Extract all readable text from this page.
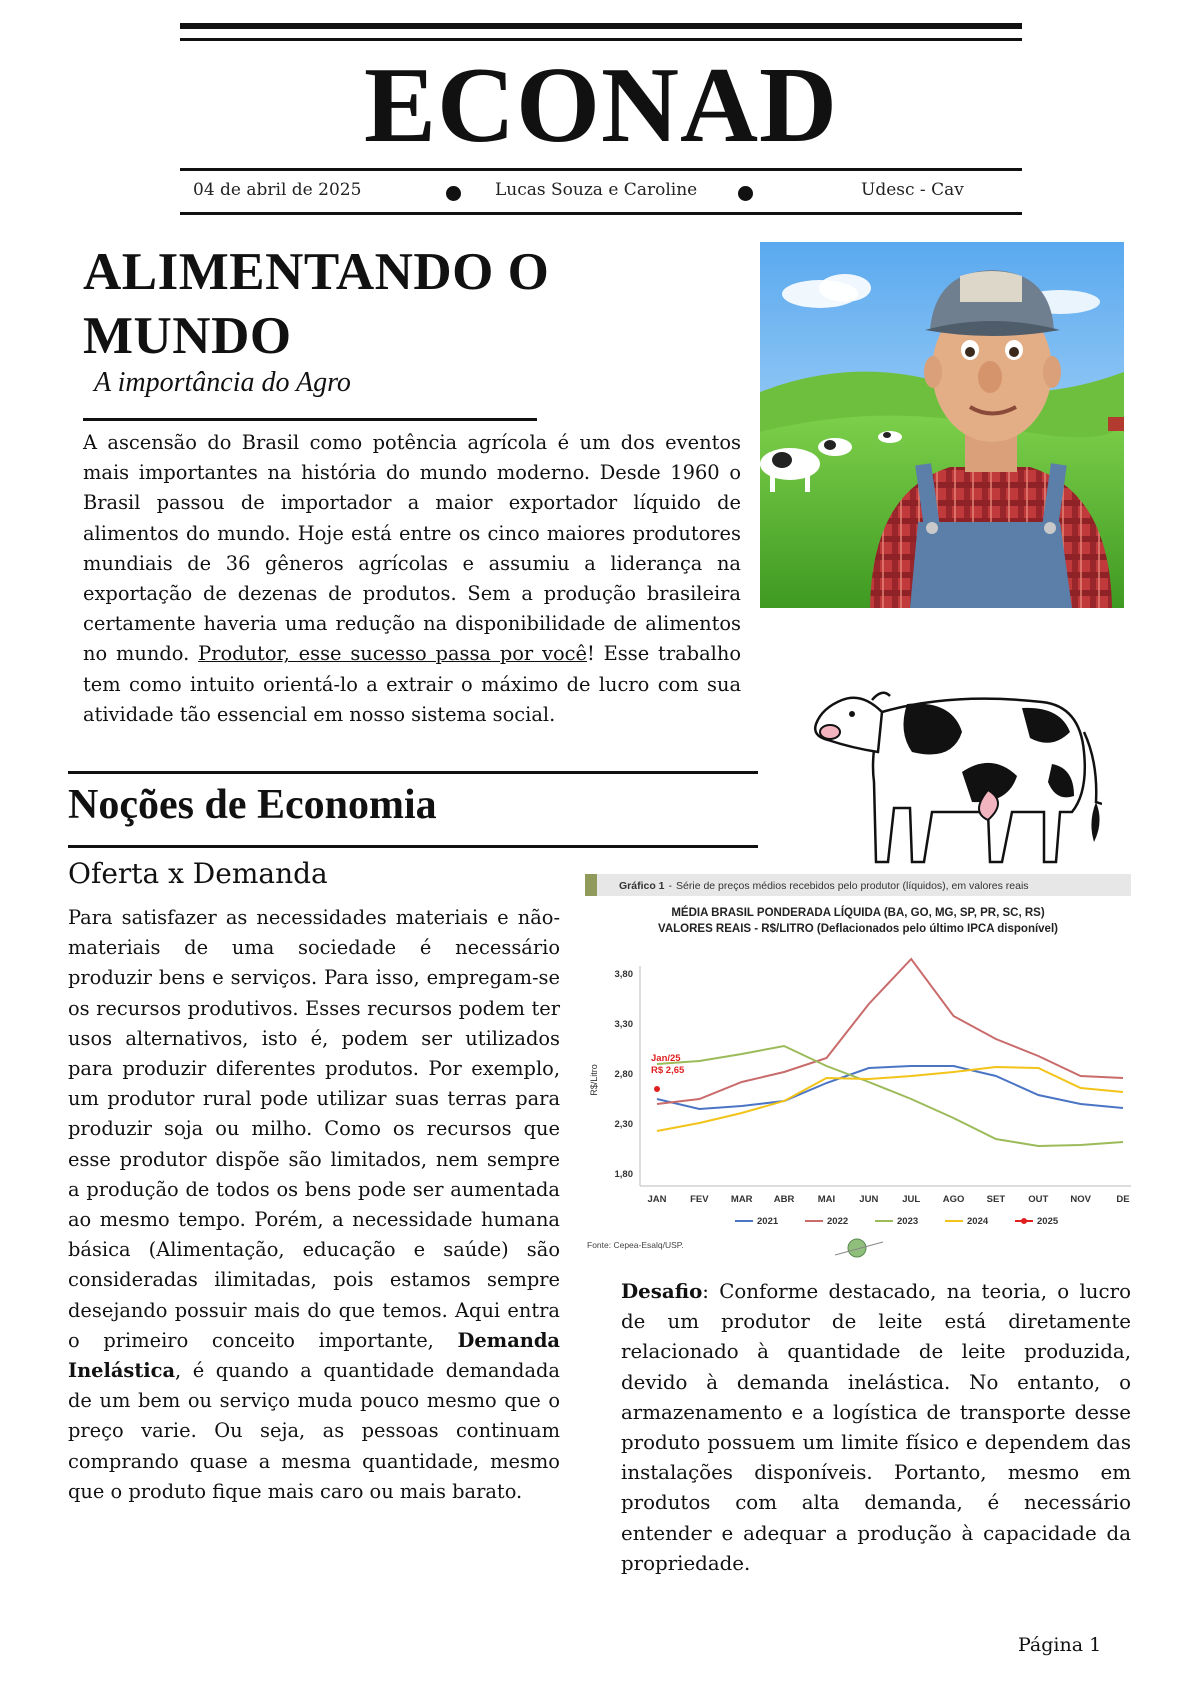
ECONAD
04 de abril de 2025	Lucas Souza e Caroline	Udesc - Cav
ALIMENTANDO O
MUNDO
A importância do Agro
A ascensão do Brasil como potência agrícola é um dos eventos mais importantes na história do mundo moderno. Desde 1960 o Brasil passou de importador a maior exportador líquido de alimentos do mundo. Hoje está entre os cinco maiores produtores mundiais de 36 gêneros agrícolas e assumiu a liderança na exportação de dezenas de produtos. Sem a produção brasileira certamente haveria uma redução na disponibilidade de alimentos no mundo. Produtor, esse sucesso passa por você! Esse trabalho tem como intuito orientá-lo a extrair o máximo de lucro com sua atividade tão essencial em nosso sistema social.
Noções de Economia
Oferta x Demanda
Para satisfazer as necessidades materiais e não-materiais de uma sociedade é necessário produzir bens e serviços. Para isso, empregam-se os recursos produtivos. Esses recursos podem ter usos alternativos, isto é, podem ser utilizados para produzir diferentes produtos. Por exemplo, um produtor rural pode utilizar suas terras para produzir soja ou milho. Como os recursos que esse produtor dispõe são limitados, nem sempre a produção de todos os bens pode ser aumentada ao mesmo tempo. Porém, a necessidade humana básica (Alimentação, educação e saúde) são consideradas ilimitadas, pois estamos sempre desejando possuir mais do que temos. Aqui entra o primeiro conceito importante, Demanda Inelástica, é quando a quantidade demandada de um bem ou serviço muda pouco mesmo que o preço varie. Ou seja, as pessoas continuam comprando quase a mesma quantidade, mesmo que o produto fique mais caro ou mais barato.
Gráfico 1 - Série de preços médios recebidos pelo produtor (líquidos), em valores reais
MÉDIA BRASIL PONDERADA LÍQUIDA (BA, GO, MG, SP, PR, SC, RS)
VALORES REAIS - R$/LITRO (Deflacionados pelo último IPCA disponível)
R$/Litro
3,80
3,30
2,80
2,30
1,80
JAN FEV MAR ABR MAI	JUN	JUL AGO SET OUT NOV	DE
Jan/25
R$ 2,65
2021	2022	2023	2024	2025
Fonte: Cepea-Esalq/USP.
Desafio: Conforme destacado, na teoria, o lucro de um produtor de leite está diretamente relacionado à quantidade de leite produzida, devido à demanda inelástica. No entanto, o armazenamento e a logística de transporte desse produto possuem um limite físico e dependem das instalações disponíveis. Portanto, mesmo em produtos com alta demanda, é necessário entender e adequar a produção à capacidade da propriedade.
Página 1
